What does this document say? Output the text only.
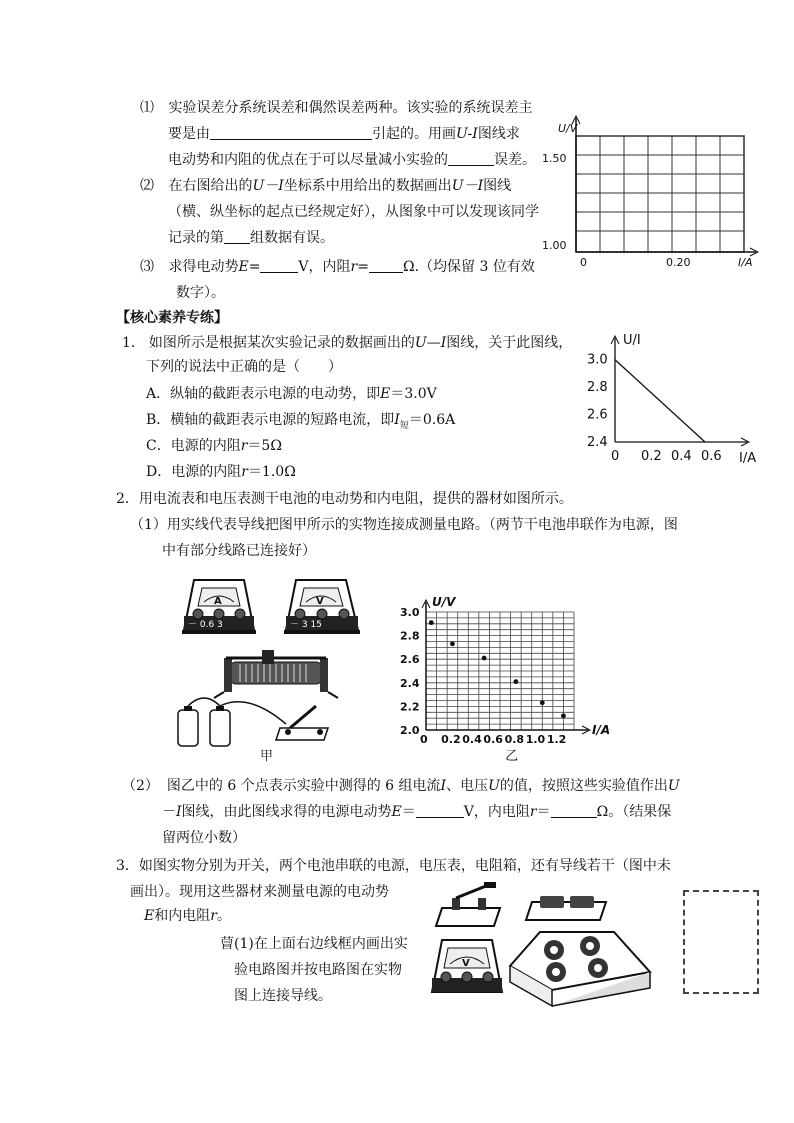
⑴ 实验误差分系统误差和偶然误差两种。该实验的系统误差主
要是由	引起的。用画U-I图线求
电动势和内阻的优点在于可以尽量减小实验的	误差。
⑵ 在右图给出的U－I坐标系中用给出的数据画出U－I图线
（横、纵坐标的起点已经规定好），从图象中可以发现该同学
记录的第 组数据有误。
⑶ 求得电动势E=	V，内阻r= Ω.（均保留 3 位有效
数字）。
U/V
1.50
1.00
0	0.20	I/A
【核心素养专练】
1． 如图所示是根据某次实验记录的数据画出的U—I图线，关于此图线，
下列的说法中正确的是（　　）
A．纵轴的截距表示电源的电动势，即E＝3.0V
B．横轴的截距表示电源的短路电流，即$I_短=0.6A$
C．电源的内阻r＝5Ω
D．电源的内阻r＝1.0Ω
0 0.2 0.4 0.6
2.4
2.6
2.8
3.0
U/I
I/A
2．用电流表和电压表测干电池的电动势和内电阻，提供的器材如图所示。
（1）用实线代表导线把图甲所示的实物连接成测量电路。（两节干电池串联作为电源，图
中有部分线路已连接好）
A
－ 0.6 3
V
－ 3 15
甲
0 0.2 0.4 0.6 0.8 1.0 1.2
2.0
2.2
2.4
2.6
2.8
3.0
U/V
I/A
乙
（2） 图乙中的 6 个点表示实验中测得的 6 组电流I、电压U的值，按照这些实验值作出U
－I图线，由此图线求得的电源电动势E＝	V，内电阻r＝	Ω。（结果保
留两位小数）
3．如图实物分别为开关，两个电池串联的电源，电压表，电阻箱，还有导线若干（图中未
画出）。现用这些器材来测量电源的电动势
E和内电阻r。
萺(1)在上面右边线框内画出实
验电路图并按电路图在实物
图上连接导线。
V
